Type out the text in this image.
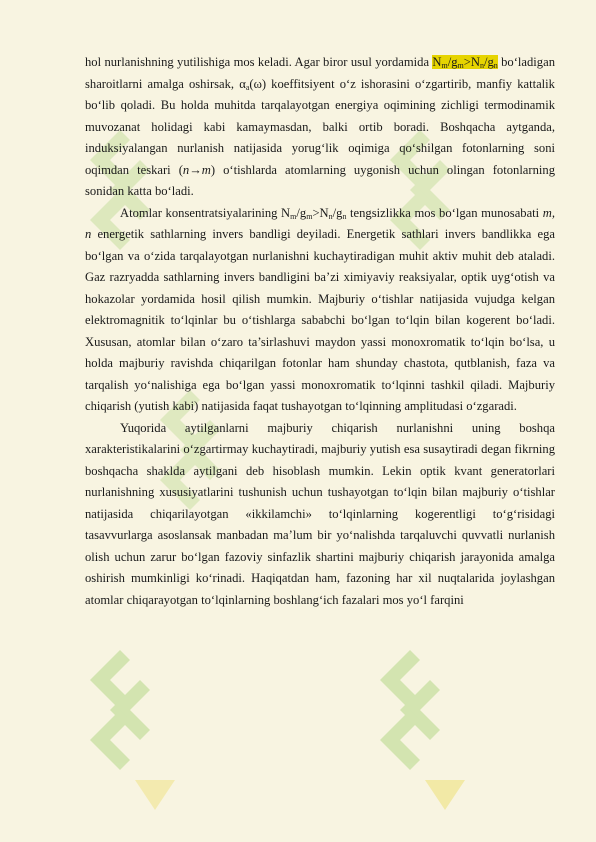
hol nurlanishning yutilishiga mos keladi. Agar biror usul yordamida $N_m/g_m>N_n/g_n$ bo‘ladigan sharoitlarni amalga oshirsak, $\alpha_a(\omega)$ koeffitsiyent o‘z ishorasini o‘zgartirib, manfiy kattalik bo‘lib qoladi. Bu holda muhitda tarqalayotgan energiya oqimining zichligi termodinamik muvozanat holidagi kabi kamaymasdan, balki ortib boradi. Boshqacha aytganda, induksiyalangan nurlanish natijasida yorug‘lik oqimiga qo‘shilgan fotonlarning soni oqimdan teskari (n→m) o‘tishlarda atomlarning uygonish uchun olingan fotonlarning sonidan katta bo‘ladi.

Atomlar konsentratsiyalarining $N_m/g_m>N_n/g_n$ tengsizlikka mos bo‘lgan munosabati m, n energetik sathlarning invers bandligi deyiladi. Energetik sathlari invers bandlikka ega bo‘lgan va o‘zida tarqalayotgan nurlanishni kuchaytiradigan muhit aktiv muhit deb ataladi. Gaz razryadda sathlarning invers bandligini ba’zi ximiyaviy reaksiyalar, optik uyg‘otish va hokazolar yordamida hosil qilish mumkin. Majburiy o‘tishlar natijasida vujudga kelgan elektromagnitik to‘lqinlar bu o‘tishlarga sababchi bo‘lgan to‘lqin bilan kogerent bo‘ladi. Xususan, atomlar bilan o‘zaro ta’sirlashuvi maydon yassi monoxromatik to‘lqin bo‘lsa, u holda majburiy ravishda chiqarilgan fotonlar ham shunday chastota, qutblanish, faza va tarqalish yo‘nalishiga ega bo‘lgan yassi monoxromatik to‘lqinni tashkil qiladi. Majburiy chiqarish (yutish kabi) natijasida faqat tushayotgan to‘lqinning amplitudasi o‘zgaradi.

Yuqorida aytilganlarni majburiy chiqarish nurlanishni uning boshqa xarakteristikalarini o‘zgartirmay kuchaytiradi, majburiy yutish esa susaytiradi degan fikrning boshqacha shaklda aytilgani deb hisoblash mumkin. Lekin optik kvant generatorlari nurlanishning xususiyatlarini tushunish uchun tushayotgan to‘lqin bilan majburiy o‘tishlar natijasida chiqarilayotgan «ikkilamchi» to‘lqinlarning kogerentligi to‘g‘risidagi tasavvurlarga asoslansak manbadan ma’lum bir yo‘nalishda tarqaluvchi quvvatli nurlanish olish uchun zarur bo‘lgan fazoviy sinfazlik shartini majburiy chiqarish jarayonida amalga oshirish mumkinligi ko‘rinadi. Haqiqatdan ham, fazoning har xil nuqtalarida joylashgan atomlar chiqarayotgan to‘lqinlarning boshlang‘ich fazalari mos yo‘l farqini
